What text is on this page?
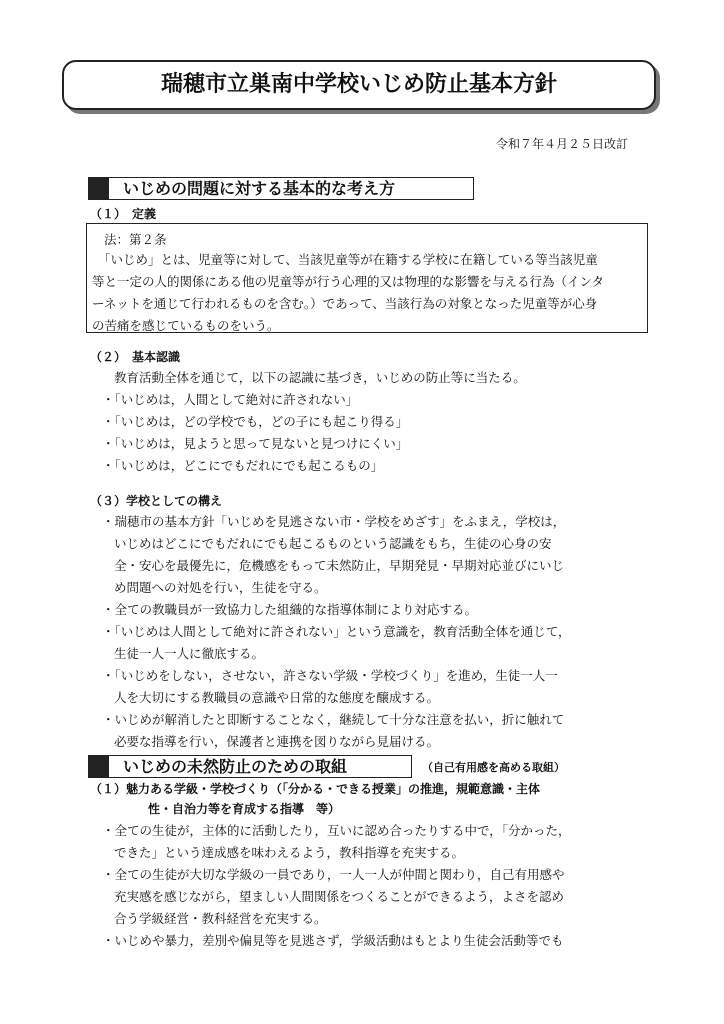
瑞穂市立巣南中学校いじめ防止基本方針
令和７年４月２５日改訂
いじめの問題に対する基本的な考え方
（１）　定義
法：第２条
「いじめ」とは、児童等に対して、当該児童等が在籍する学校に在籍している等当該児童
等と一定の人的関係にある他の児童等が行う心理的又は物理的な影響を与える行為（インタ
ーネットを通じて行われるものを含む。）であって、当該行為の対象となった児童等が心身
の苦痛を感じているものをいう。
（２）　基本認識
教育活動全体を通じて，以下の認識に基づき，いじめの防止等に当たる。
・「いじめは，人間として絶対に許されない」
・「いじめは，どの学校でも，どの子にも起こり得る」
・「いじめは，見ようと思って見ないと見つけにくい」
・「いじめは，どこにでもだれにでも起こるもの」
（３）学校としての構え
・瑞穂市の基本方針「いじめを見逃さない市・学校をめざす」をふまえ，学校は，
いじめはどこにでもだれにでも起こるものという認識をもち，生徒の心身の安
全・安心を最優先に，危機感をもって未然防止，早期発見・早期対応並びにいじ
め問題への対処を行い，生徒を守る。
・全ての教職員が一致協力した組織的な指導体制により対応する。
・「いじめは人間として絶対に許されない」という意識を，教育活動全体を通じて，
生徒一人一人に徹底する。
・「いじめをしない，させない，許さない学級・学校づくり」を進め，生徒一人一
人を大切にする教職員の意識や日常的な態度を醸成する。
・いじめが解消したと即断することなく，継続して十分な注意を払い，折に触れて
必要な指導を行い，保護者と連携を図りながら見届ける。
いじめの未然防止のための取組	（自己有用感を高める取組）
（１）魅力ある学級・学校づくり（「分かる・できる授業」の推進，規範意識・主体
性・自治力等を育成する指導　等）
・全ての生徒が，主体的に活動したり，互いに認め合ったりする中で，「分かった，
できた」という達成感を味わえるよう，教科指導を充実する。
・全ての生徒が大切な学級の一員であり，一人一人が仲間と関わり，自己有用感や
充実感を感じながら，望ましい人間関係をつくることができるよう，よさを認め
合う学級経営・教科経営を充実する。
・いじめや暴力，差別や偏見等を見逃さず，学級活動はもとより生徒会活動等でも
